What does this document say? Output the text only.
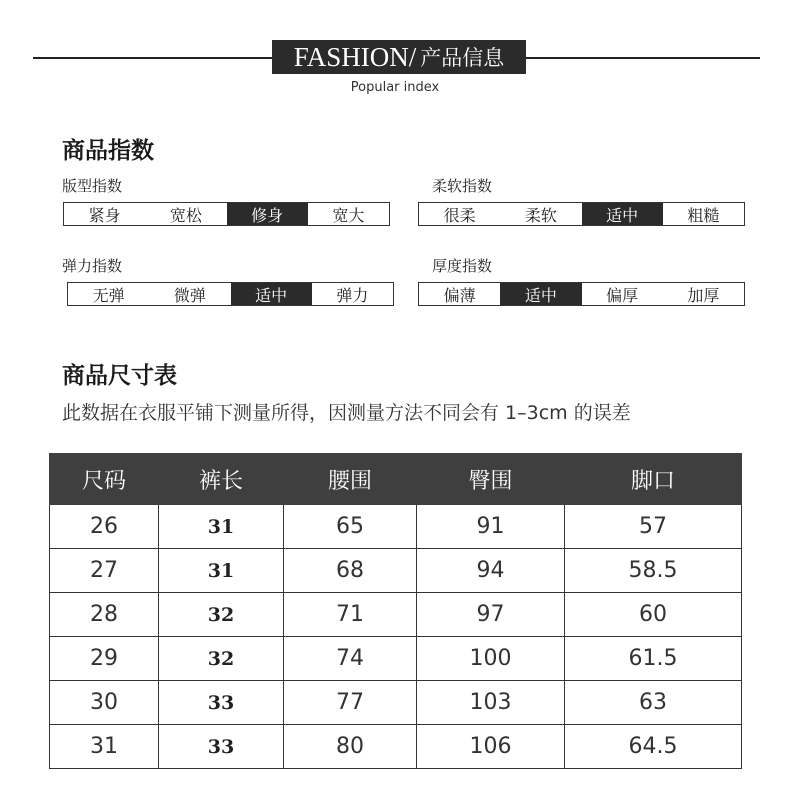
FASHION/ 产品信息
Popular index
商品指数
版型指数
紧身	宽松	修身	宽大
柔软指数
很柔	柔软	适中	粗糙
弹力指数
无弹	微弹	适中	弹力
厚度指数
偏薄	适中	偏厚	加厚
商品尺寸表
此数据在衣服平铺下测量所得，因测量方法不同会有 1–3cm 的误差
尺码	裤长	腰围	臀围	脚口
26	31	65	91	57
27	31	68	94	58.5
28	32	71	97	60
29	32	74	100	61.5
30	33	77	103	63
31	33	80	106	64.5
